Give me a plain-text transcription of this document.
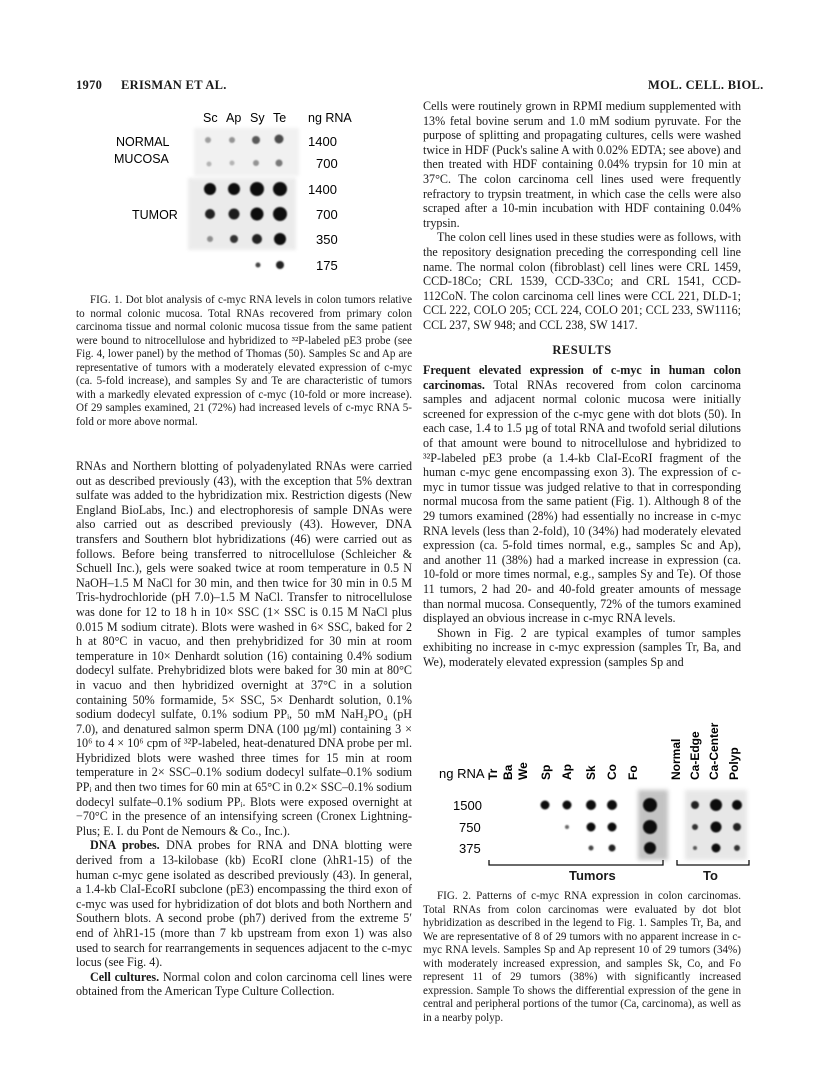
1970 ERISMAN ET AL.	MOL. CELL. BIOL.
Sc Ap Sy Te ng RNA
NORMAL
MUCOSA
TUMOR
1400
700
1400
700
350
175

FIG. 1. Dot blot analysis of c-myc RNA levels in colon tumors relative to normal colonic mucosa. Total RNAs recovered from primary colon carcinoma tissue and normal colonic mucosa tissue from the same patient were bound to nitrocellulose and hybridized to ³²P-labeled pE3 probe (see Fig. 4, lower panel) by the method of Thomas (50). Samples Sc and Ap are representative of tumors with a moderately elevated expression of c-myc (ca. 5-fold increase), and samples Sy and Te are characteristic of tumors with a markedly elevated expression of c-myc (10-fold or more increase). Of 29 samples examined, 21 (72%) had increased levels of c-myc RNA 5-fold or more above normal.

RNAs and Northern blotting of polyadenylated RNAs were carried out as described previously (43), with the exception that 5% dextran sulfate was added to the hybridization mix. Restriction digests (New England BioLabs, Inc.) and electrophoresis of sample DNAs were also carried out as described previously (43). However, DNA transfers and Southern blot hybridizations (46) were carried out as follows. Before being transferred to nitrocellulose (Schleicher & Schuell Inc.), gels were soaked twice at room temperature in 0.5 N NaOH–1.5 M NaCl for 30 min, and then twice for 30 min in 0.5 M Tris-hydrochloride (pH 7.0)–1.5 M NaCl. Transfer to nitrocellulose was done for 12 to 18 h in 10× SSC (1× SSC is 0.15 M NaCl plus 0.015 M sodium citrate). Blots were washed in 6× SSC, baked for 2 h at 80°C in vacuo, and then prehybridized for 30 min at room temperature in 10× Denhardt solution (16) containing 0.4% sodium dodecyl sulfate. Prehybridized blots were baked for 30 min at 80°C in vacuo and then hybridized overnight at 37°C in a solution containing 50% formamide, 5× SSC, 5× Denhardt solution, 0.1% sodium dodecyl sulfate, 0.1% sodium PPᵢ, 50 mM NaH₂PO₄ (pH 7.0), and denatured salmon sperm DNA (100 µg/ml) containing 3 × 10⁶ to 4 × 10⁶ cpm of ³²P-labeled, heat-denatured DNA probe per ml. Hybridized blots were washed three times for 15 min at room temperature in 2× SSC–0.1% sodium dodecyl sulfate–0.1% sodium PPᵢ and then two times for 60 min at 65°C in 0.2× SSC–0.1% sodium dodecyl sulfate–0.1% sodium PPᵢ. Blots were exposed overnight at −70°C in the presence of an intensifying screen (Cronex Lightning-Plus; E. I. du Pont de Nemours & Co., Inc.).

DNA probes. DNA probes for RNA and DNA blotting were derived from a 13-kilobase (kb) EcoRI clone (λhR1-15) of the human c-myc gene isolated as described previously (43). In general, a 1.4-kb ClaI-EcoRI subclone (pE3) encompassing the third exon of c-myc was used for hybridization of dot blots and both Northern and Southern blots. A second probe (ph7) derived from the extreme 5′ end of λhR1-15 (more than 7 kb upstream from exon 1) was also used to search for rearrangements in sequences adjacent to the c-myc locus (see Fig. 4).

Cell cultures. Normal colon and colon carcinoma cell lines were obtained from the American Type Culture Collection.

Cells were routinely grown in RPMI medium supplemented with 13% fetal bovine serum and 1.0 mM sodium pyruvate. For the purpose of splitting and propagating cultures, cells were washed twice in HDF (Puck's saline A with 0.02% EDTA; see above) and then treated with HDF containing 0.04% trypsin for 10 min at 37°C. The colon carcinoma cell lines used were frequently refractory to trypsin treatment, in which case the cells were also scraped after a 10-min incubation with HDF containing 0.04% trypsin.

The colon cell lines used in these studies were as follows, with the repository designation preceding the corresponding cell line name. The normal colon (fibroblast) cell lines were CRL 1459, CCD-18Co; CRL 1539, CCD-33Co; and CRL 1541, CCD-112CoN. The colon carcinoma cell lines were CCL 221, DLD-1; CCL 222, COLO 205; CCL 224, COLO 201; CCL 233, SW1116; CCL 237, SW 948; and CCL 238, SW 1417.

RESULTS

Frequent elevated expression of c-myc in human colon carcinomas. Total RNAs recovered from colon carcinoma samples and adjacent normal colonic mucosa were initially screened for expression of the c-myc gene with dot blots (50). In each case, 1.4 to 1.5 µg of total RNA and twofold serial dilutions of that amount were bound to nitrocellulose and hybridized to ³²P-labeled pE3 probe (a 1.4-kb ClaI-EcoRI fragment of the human c-myc gene encompassing exon 3). The expression of c-myc in tumor tissue was judged relative to that in corresponding normal mucosa from the same patient (Fig. 1). Although 8 of the 29 tumors examined (28%) had essentially no increase in c-myc RNA levels (less than 2-fold), 10 (34%) had moderately elevated expression (ca. 5-fold times normal, e.g., samples Sc and Ap), and another 11 (38%) had a marked increase in expression (ca. 10-fold or more times normal, e.g., samples Sy and Te). Of those 11 tumors, 2 had 20- and 40-fold greater amounts of message than normal mucosa. Consequently, 72% of the tumors examined displayed an obvious increase in c-myc RNA levels.

Shown in Fig. 2 are typical examples of tumor samples exhibiting no increase in c-myc expression (samples Tr, Ba, and We), moderately elevated expression (samples Sp and

ng RNA Tr Ba We Sp Ap Sk Co Fo Normal Ca-Edge Ca-Center Polyp
1500
750
375
Tumors	To

FIG. 2. Patterns of c-myc RNA expression in colon carcinomas. Total RNAs from colon carcinomas were evaluated by dot blot hybridization as described in the legend to Fig. 1. Samples Tr, Ba, and We are representative of 8 of 29 tumors with no apparent increase in c-myc RNA levels. Samples Sp and Ap represent 10 of 29 tumors (34%) with moderately increased expression, and samples Sk, Co, and Fo represent 11 of 29 tumors (38%) with significantly increased expression. Sample To shows the differential expression of the gene in central and peripheral portions of the tumor (Ca, carcinoma), as well as in a nearby polyp.
